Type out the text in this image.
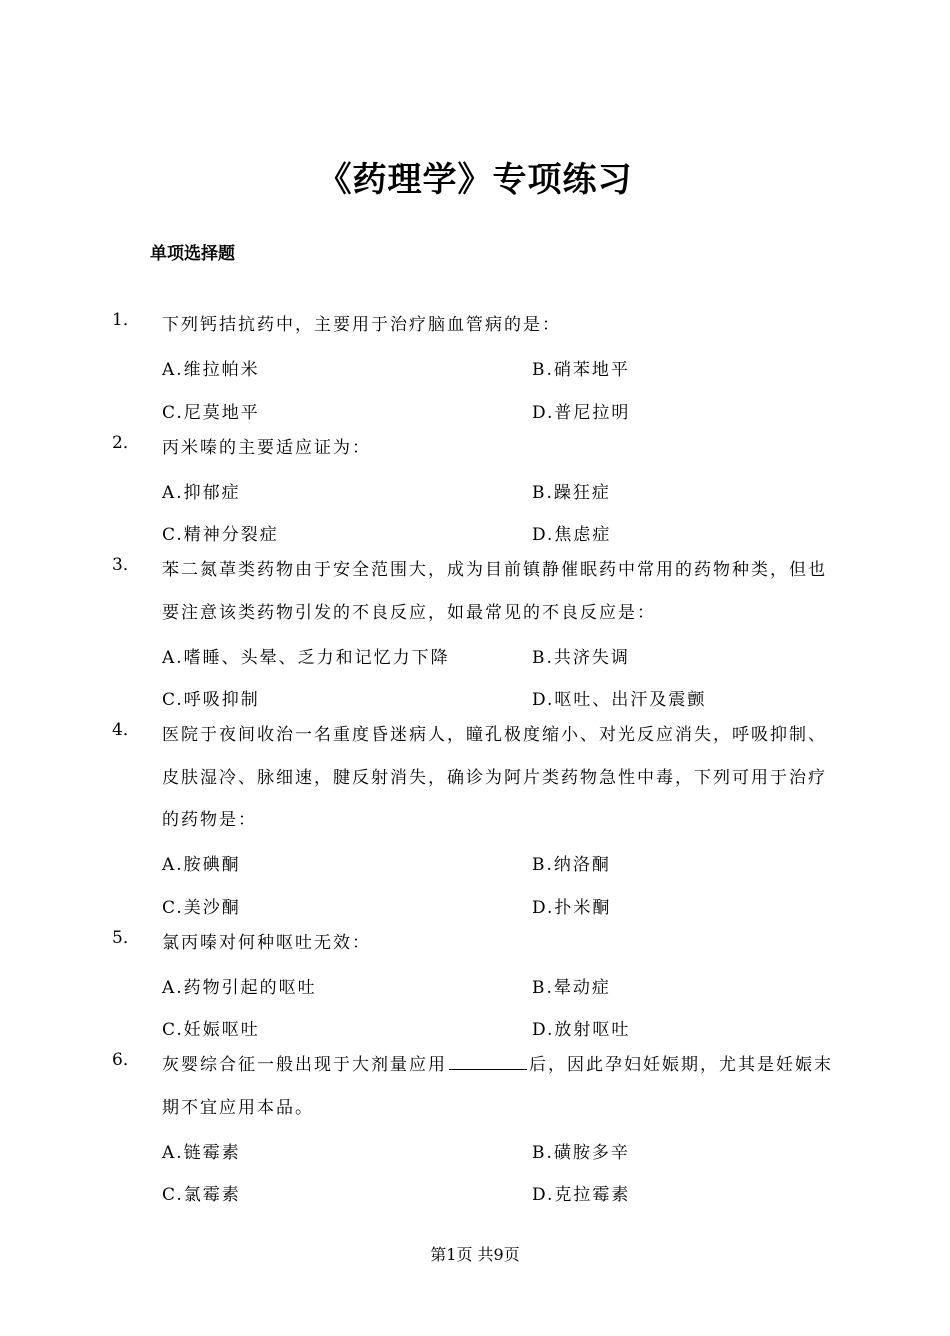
《药理学》专项练习
单项选择题
1． 下列钙拮抗药中，主要用于治疗脑血管病的是：
A.维拉帕米	B.硝苯地平
C.尼莫地平	D.普尼拉明
2． 丙米嗪的主要适应证为：
A.抑郁症	B.躁狂症
C.精神分裂症	D.焦虑症
3． 苯二氮䓬类药物由于安全范围大，成为目前镇静催眠药中常用的药物种类，但也要注意该类药物引发的不良反应，如最常见的不良反应是：
A.嗜睡、头晕、乏力和记忆力下降	B.共济失调
C.呼吸抑制	D.呕吐、出汗及震颤
4． 医院于夜间收治一名重度昏迷病人，瞳孔极度缩小、对光反应消失，呼吸抑制、皮肤湿冷、脉细速，腱反射消失，确诊为阿片类药物急性中毒，下列可用于治疗的药物是：
A.胺碘酮	B.纳洛酮
C.美沙酮	D.扑米酮
5． 氯丙嗪对何种呕吐无效：
A.药物引起的呕吐	B.晕动症
C.妊娠呕吐	D.放射呕吐
6． 灰婴综合征一般出现于大剂量应用	后，因此孕妇妊娠期，尤其是妊娠末期不宜应用本品。
A.链霉素	B.磺胺多辛
C.氯霉素	D.克拉霉素
第1页 共9页
